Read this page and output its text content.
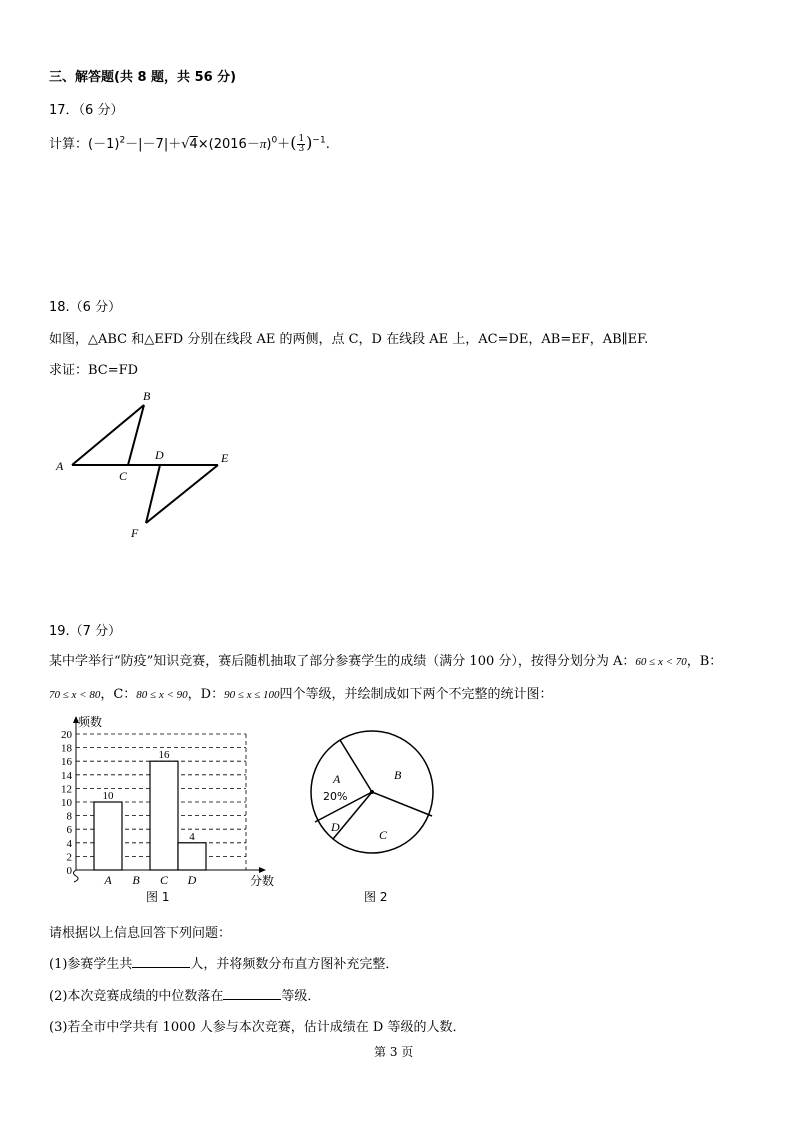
三、解答题(共 8 题，共 56 分)
17．（6 分）
计算：$(-1)^2-|-7|+√4\times(2016-\pi)^0+( \frac{1}{3} )^{-1}$.
18.（6 分）
如图，△ABC 和△EFD 分别在线段 AE 的两侧，点 C，D 在线段 AE 上，AC=DE，AB=EF，AB∥EF.
求证：BC=FD
A
B
C
D	E
F
19.（7 分）
某中学举行“防疫”知识竞赛，赛后随机抽取了部分参赛学生的成绩（满分 100 分），按得分划分为 A：60 ≤ x < 70，B：
70 ≤ x < 80，C：80 ≤ x < 90，D：90 ≤ x ≤ 100四个等级，并绘制成如下两个不完整的统计图：
0
2
4
6
8
10
12
14
16
18
20
A B C D
10
16
4
频数
分数
图 1
A
20%
B
C
D
图 2
请根据以上信息回答下列问题：
(1)参赛学生共	人，并将频数分布直方图补充完整．
(2)本次竞赛成绩的中位数落在	等级．
(3)若全市中学共有 1000 人参与本次竞赛，估计成绩在 D 等级的人数．
第 3 页
